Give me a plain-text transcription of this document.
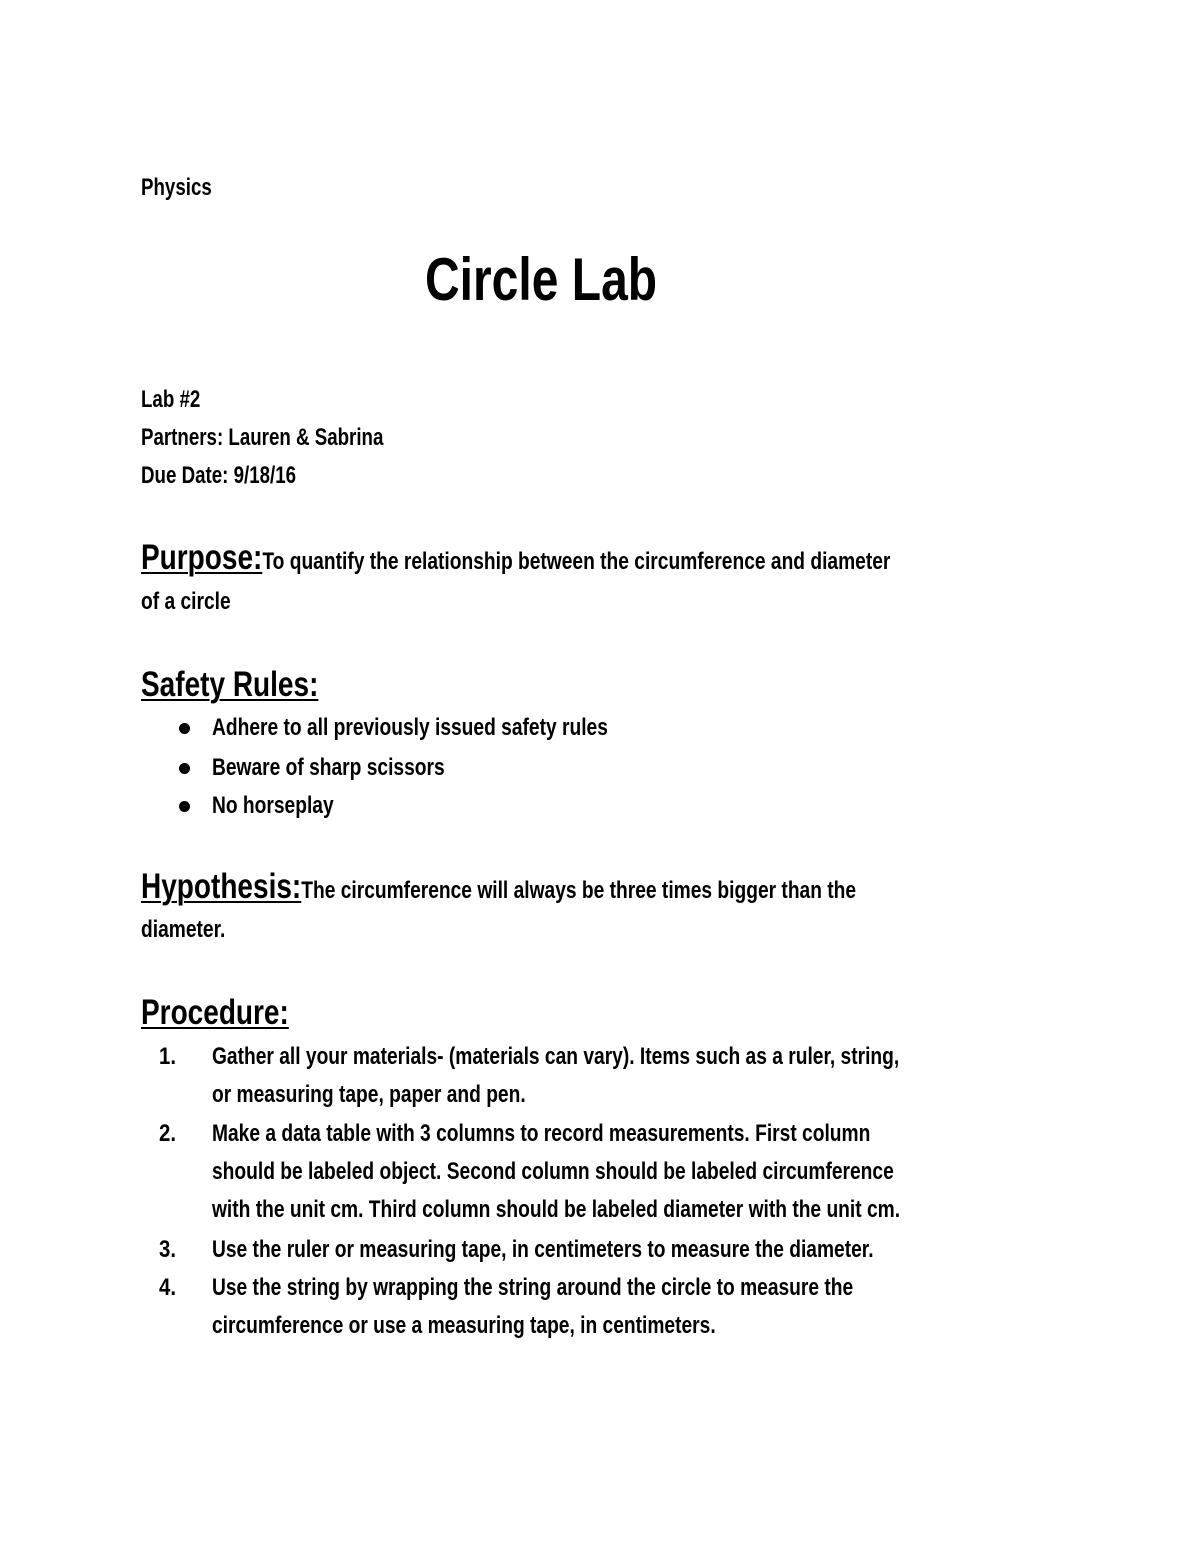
Physics
Circle Lab
Lab #2
Partners: Lauren & Sabrina
Due Date: 9/18/16
Purpose:To quantify the relationship between the circumference and diameter
of a circle
Safety Rules:
Adhere to all previously issued safety rules
Beware of sharp scissors
No horseplay
Hypothesis:The circumference will always be three times bigger than the
diameter.
Procedure:
1. Gather all your materials- (materials can vary). Items such as a ruler, string,
or measuring tape, paper and pen.
2. Make a data table with 3 columns to record measurements. First column
should be labeled object. Second column should be labeled circumference
with the unit cm. Third column should be labeled diameter with the unit cm.
3. Use the ruler or measuring tape, in centimeters to measure the diameter.
4. Use the string by wrapping the string around the circle to measure the
circumference or use a measuring tape, in centimeters.
